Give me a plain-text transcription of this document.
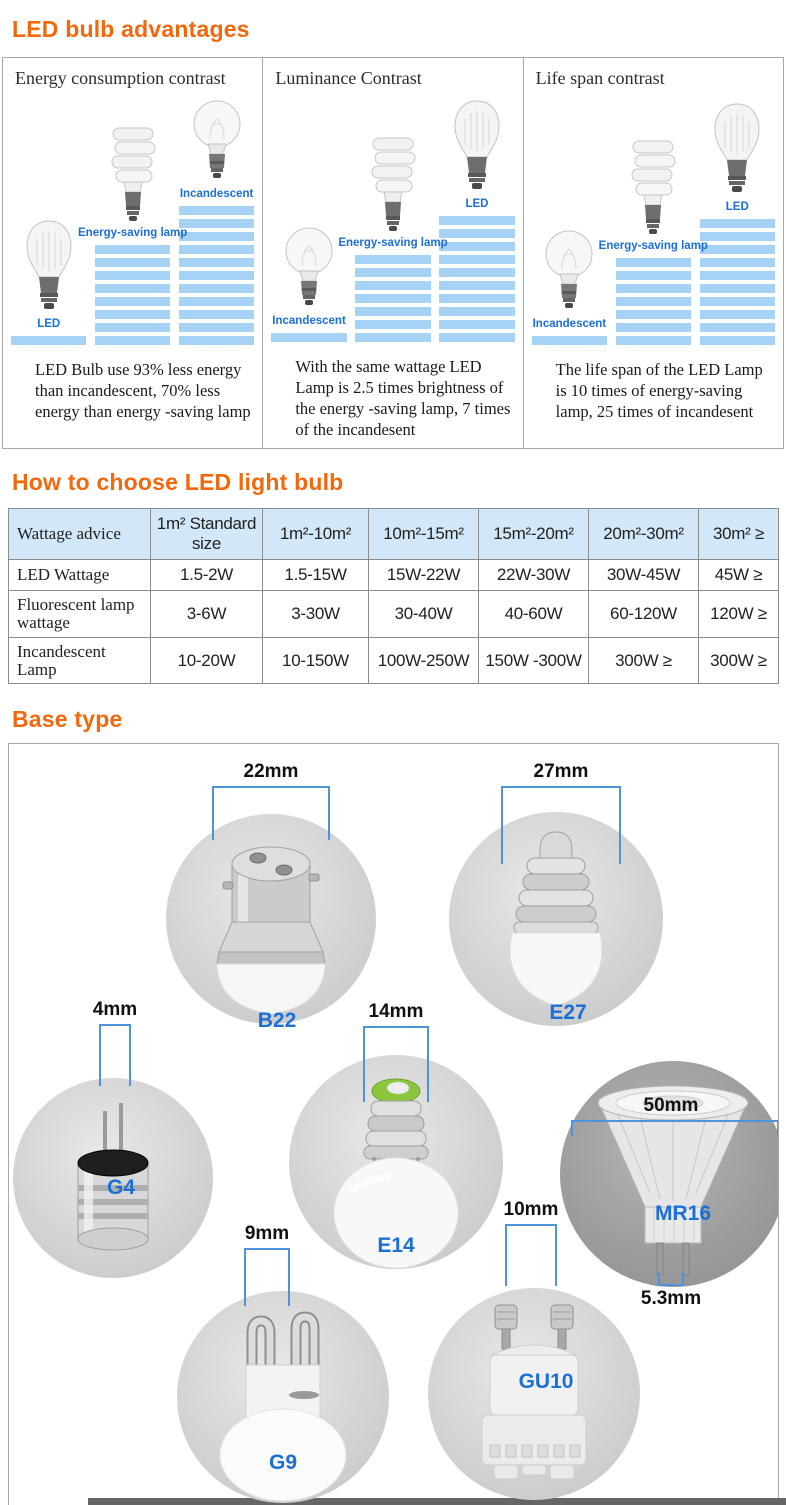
LED bulb advantages
Energy consumption contrast
LED
Energy-saving lamp
Incandescent
LED Bulb use 93% less energy than incandescent, 70% less energy than energy -saving lamp
Luminance Contrast
Incandescent
Energy-saving lamp
LED
With the same wattage LED Lamp is 2.5 times brightness of the energy -saving lamp, 7 times of the incandesent
Life span contrast
Incandescent
Energy-saving lamp
LED
The life span of the LED Lamp is 10 times of energy-saving lamp, 25 times of incandesent
How to choose LED light bulb
Wattage advice	1m² Standard size	1m²-10m²	10m²-15m²	15m²-20m²	20m²-30m²	30m² ≥
LED Wattage	1.5-2W	1.5-15W	15W-22W	22W-30W	30W-45W	45W ≥
Fluorescent lamp wattage	3-6W	3-30W	30-40W	40-60W	60-120W	120W ≥
Incandescent Lamp	10-20W	10-150W	100W-250W	150W -300W	300W ≥	300W ≥
Base type
B22
22mm
E27
27mm
G4
4mm
E14
14mm
MR16
50mm
5.3mm
G9
9mm
GU10
10mm
